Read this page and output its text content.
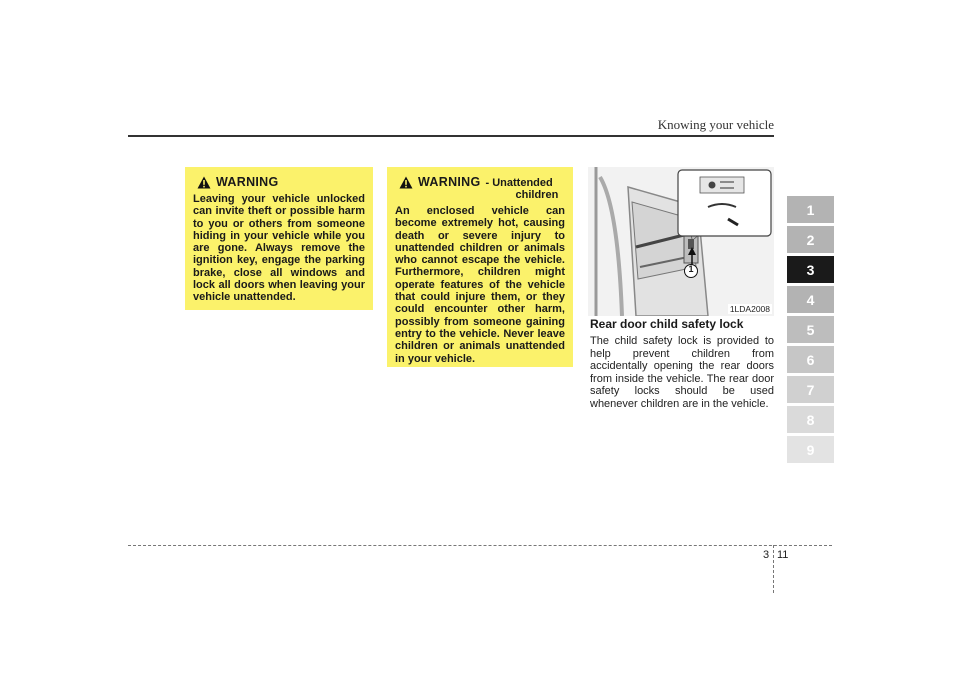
Knowing your vehicle
WARNING
Leaving your vehicle unlocked can invite theft or possible harm to you or others from someone hiding in your vehicle while you are gone. Always remove the ignition key, engage the parking brake, close all windows and lock all doors when leaving your vehicle unattended.
WARNING - Unattended
children
An enclosed vehicle can become extremely hot, causing death or severe injury to unattended children or animals who cannot escape the vehicle. Furthermore, children might operate features of the vehicle that could injure them, or they could encounter other harm, possibly from someone gaining entry to the vehicle. Never leave children or animals unattended in your vehicle.
1
1LDA2008
Rear door child safety lock
The child safety lock is provided to help prevent children from accidentally opening the rear doors from inside the vehicle. The rear door safety locks should be used whenever children are in the vehicle.
1
2
3
4
5
6
7
8
9
3 11
